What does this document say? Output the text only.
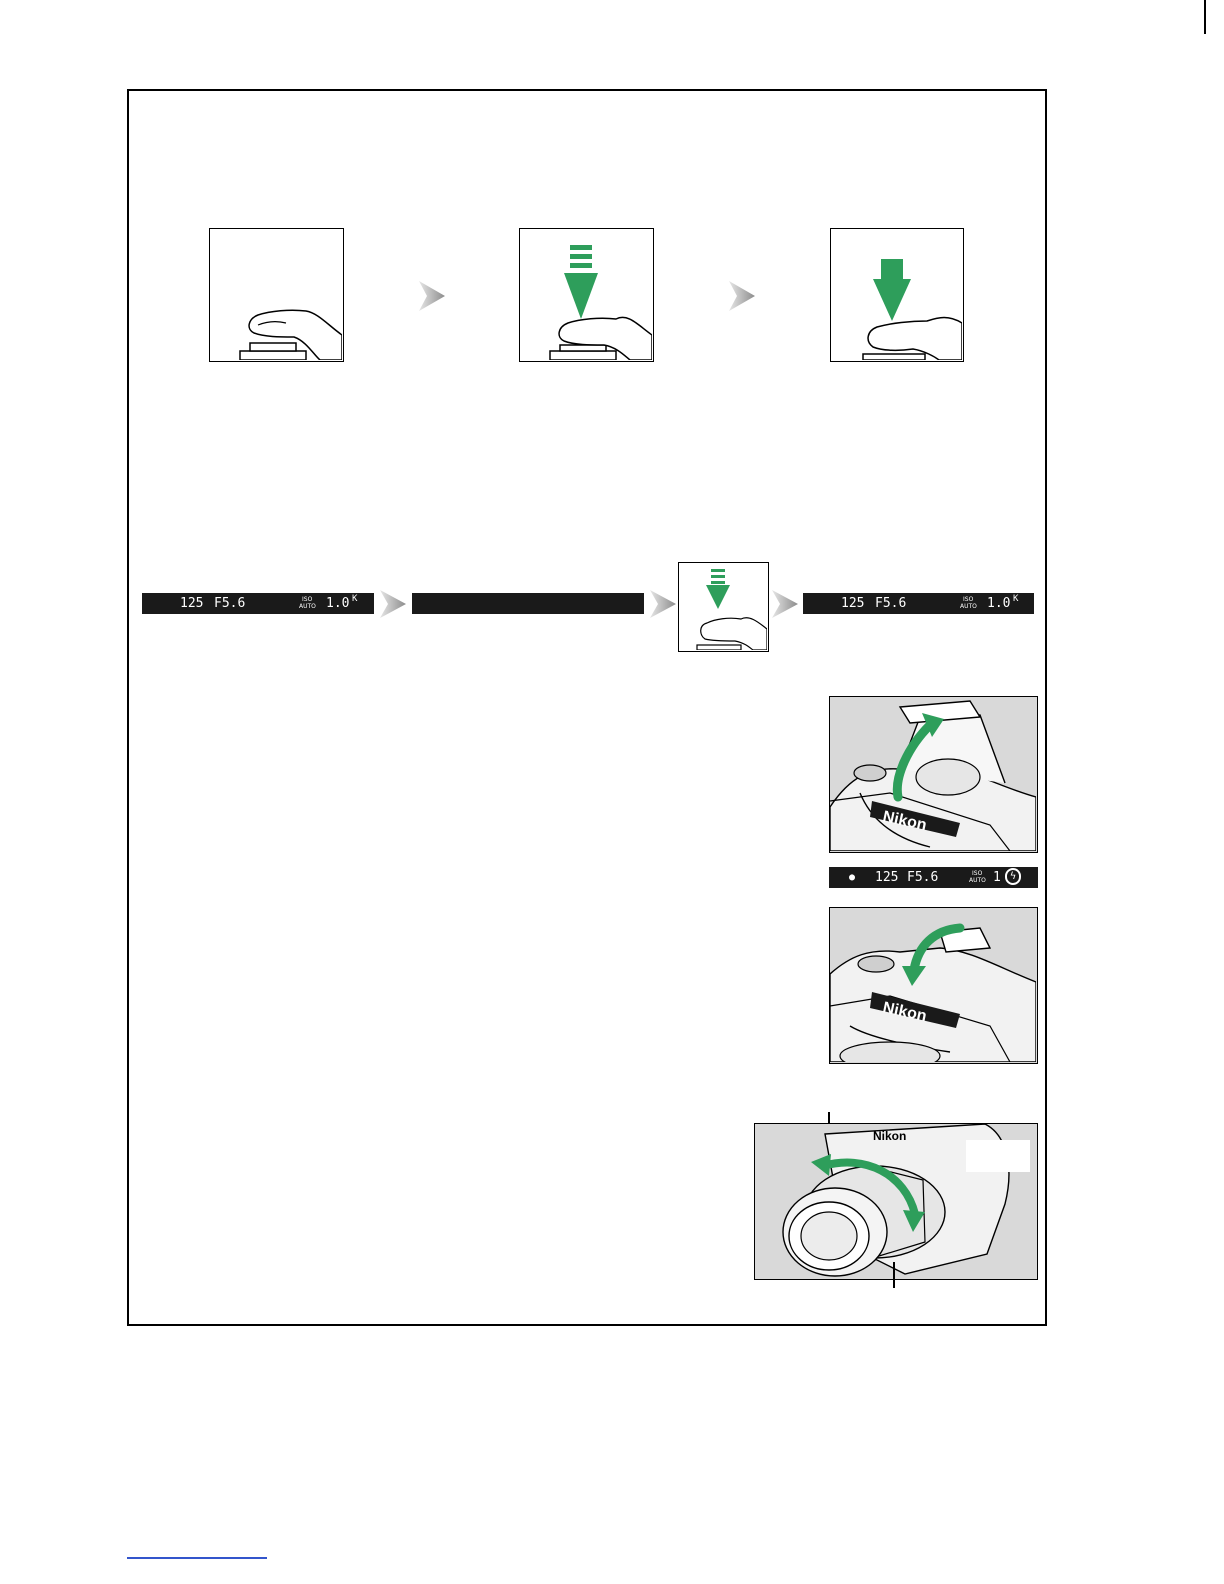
125 F5.6	ISO
AUTO 1.0 K	125 F5.6	ISO
AUTO 1.0 K
Nikon
● 125 F5.6	ISO
AUTO 1 ϟ
Nikon
Nikon
